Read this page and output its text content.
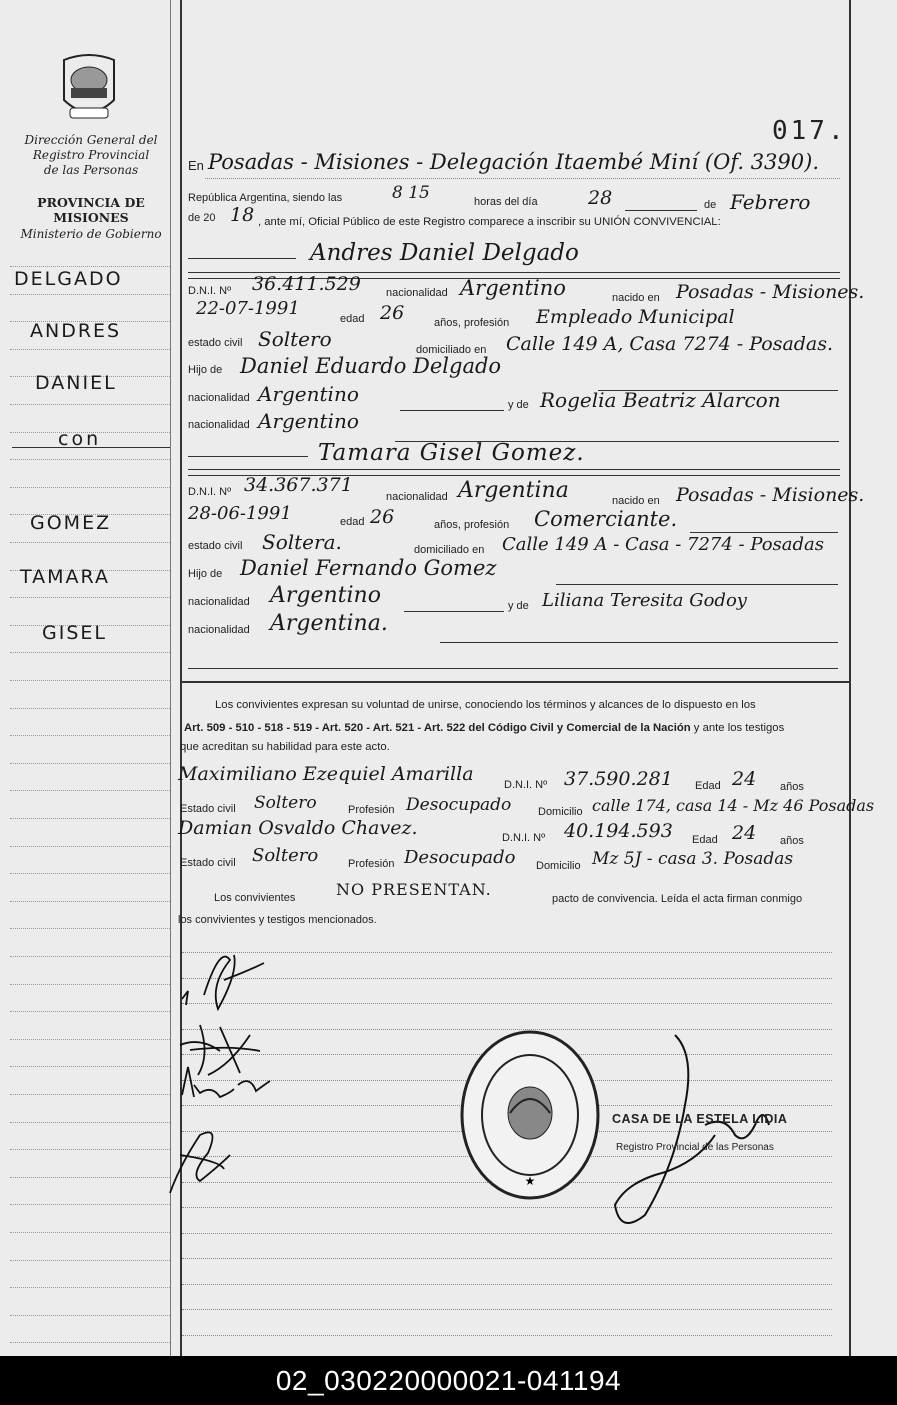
Dirección General del
Registro Provincial
de las Personas
PROVINCIA DE
MISIONES
Ministerio de Gobierno
DELGADO
ANDRES
DANIEL
con
GOMEZ
TAMARA
GISEL
017.
En Posadas - Misiones - Delegación Itaembé Miní (Of. 3390).
República Argentina, siendo las	8 15	horas del día	28	de Febrero
de 20 18 , ante mí, Oficial Público de este Registro comparece a inscribir su UNIÓN CONVIVENCIAL:
Andres Daniel Delgado
D.N.I. Nº 36.411.529 nacionalidad Argentino	nacido en Posadas - Misiones.
22-07-1991	edad 26	años, profesión Empleado Municipal
estado civil Soltero	domiciliado en Calle 149 A, Casa 7274 - Posadas.
Hijo de Daniel Eduardo Delgado
nacionalidad Argentino	y de Rogelia Beatriz Alarcon
nacionalidad Argentino
Tamara Gisel Gomez.
D.N.I. Nº 34.367.371
nacionalidad Argentina	nacido en Posadas - Misiones.
28-06-1991	edad 26	años, profesión Comerciante.
estado civil Soltera.	domiciliado en Calle 149 A - Casa - 7274 - Posadas
Hijo de Daniel Fernando Gomez
nacionalidad Argentino	y de Liliana Teresita Godoy
nacionalidad Argentina.
Los convivientes expresan su voluntad de unirse, conociendo los términos y alcances de lo dispuesto en los
Art. 509 - 510 - 518 - 519 - Art. 520 - Art. 521 - Art. 522 del Código Civil y Comercial de la Nación y ante los testigos
que acreditan su habilidad para este acto.
Maximiliano Ezequiel Amarilla	D.N.I. Nº 37.590.281 Edad 24 años
Estado civil Soltero	Profesión Desocupado Domicilio calle 174, casa 14 - Mz 46 Posadas
Damian Osvaldo Chavez.	D.N.I. Nº 40.194.593 Edad 24 años
Estado civil Soltero	Profesión Desocupado Domicilio Mz 5J - casa 3. Posadas
Los convivientes	NO PRESENTAN.	pacto de convivencia. Leída el acta firman conmigo
los convivientes y testigos mencionados.
★
CASA DE LA ESTELA LIDIA
Registro Provincial de las Personas
02_030220000021-041194
